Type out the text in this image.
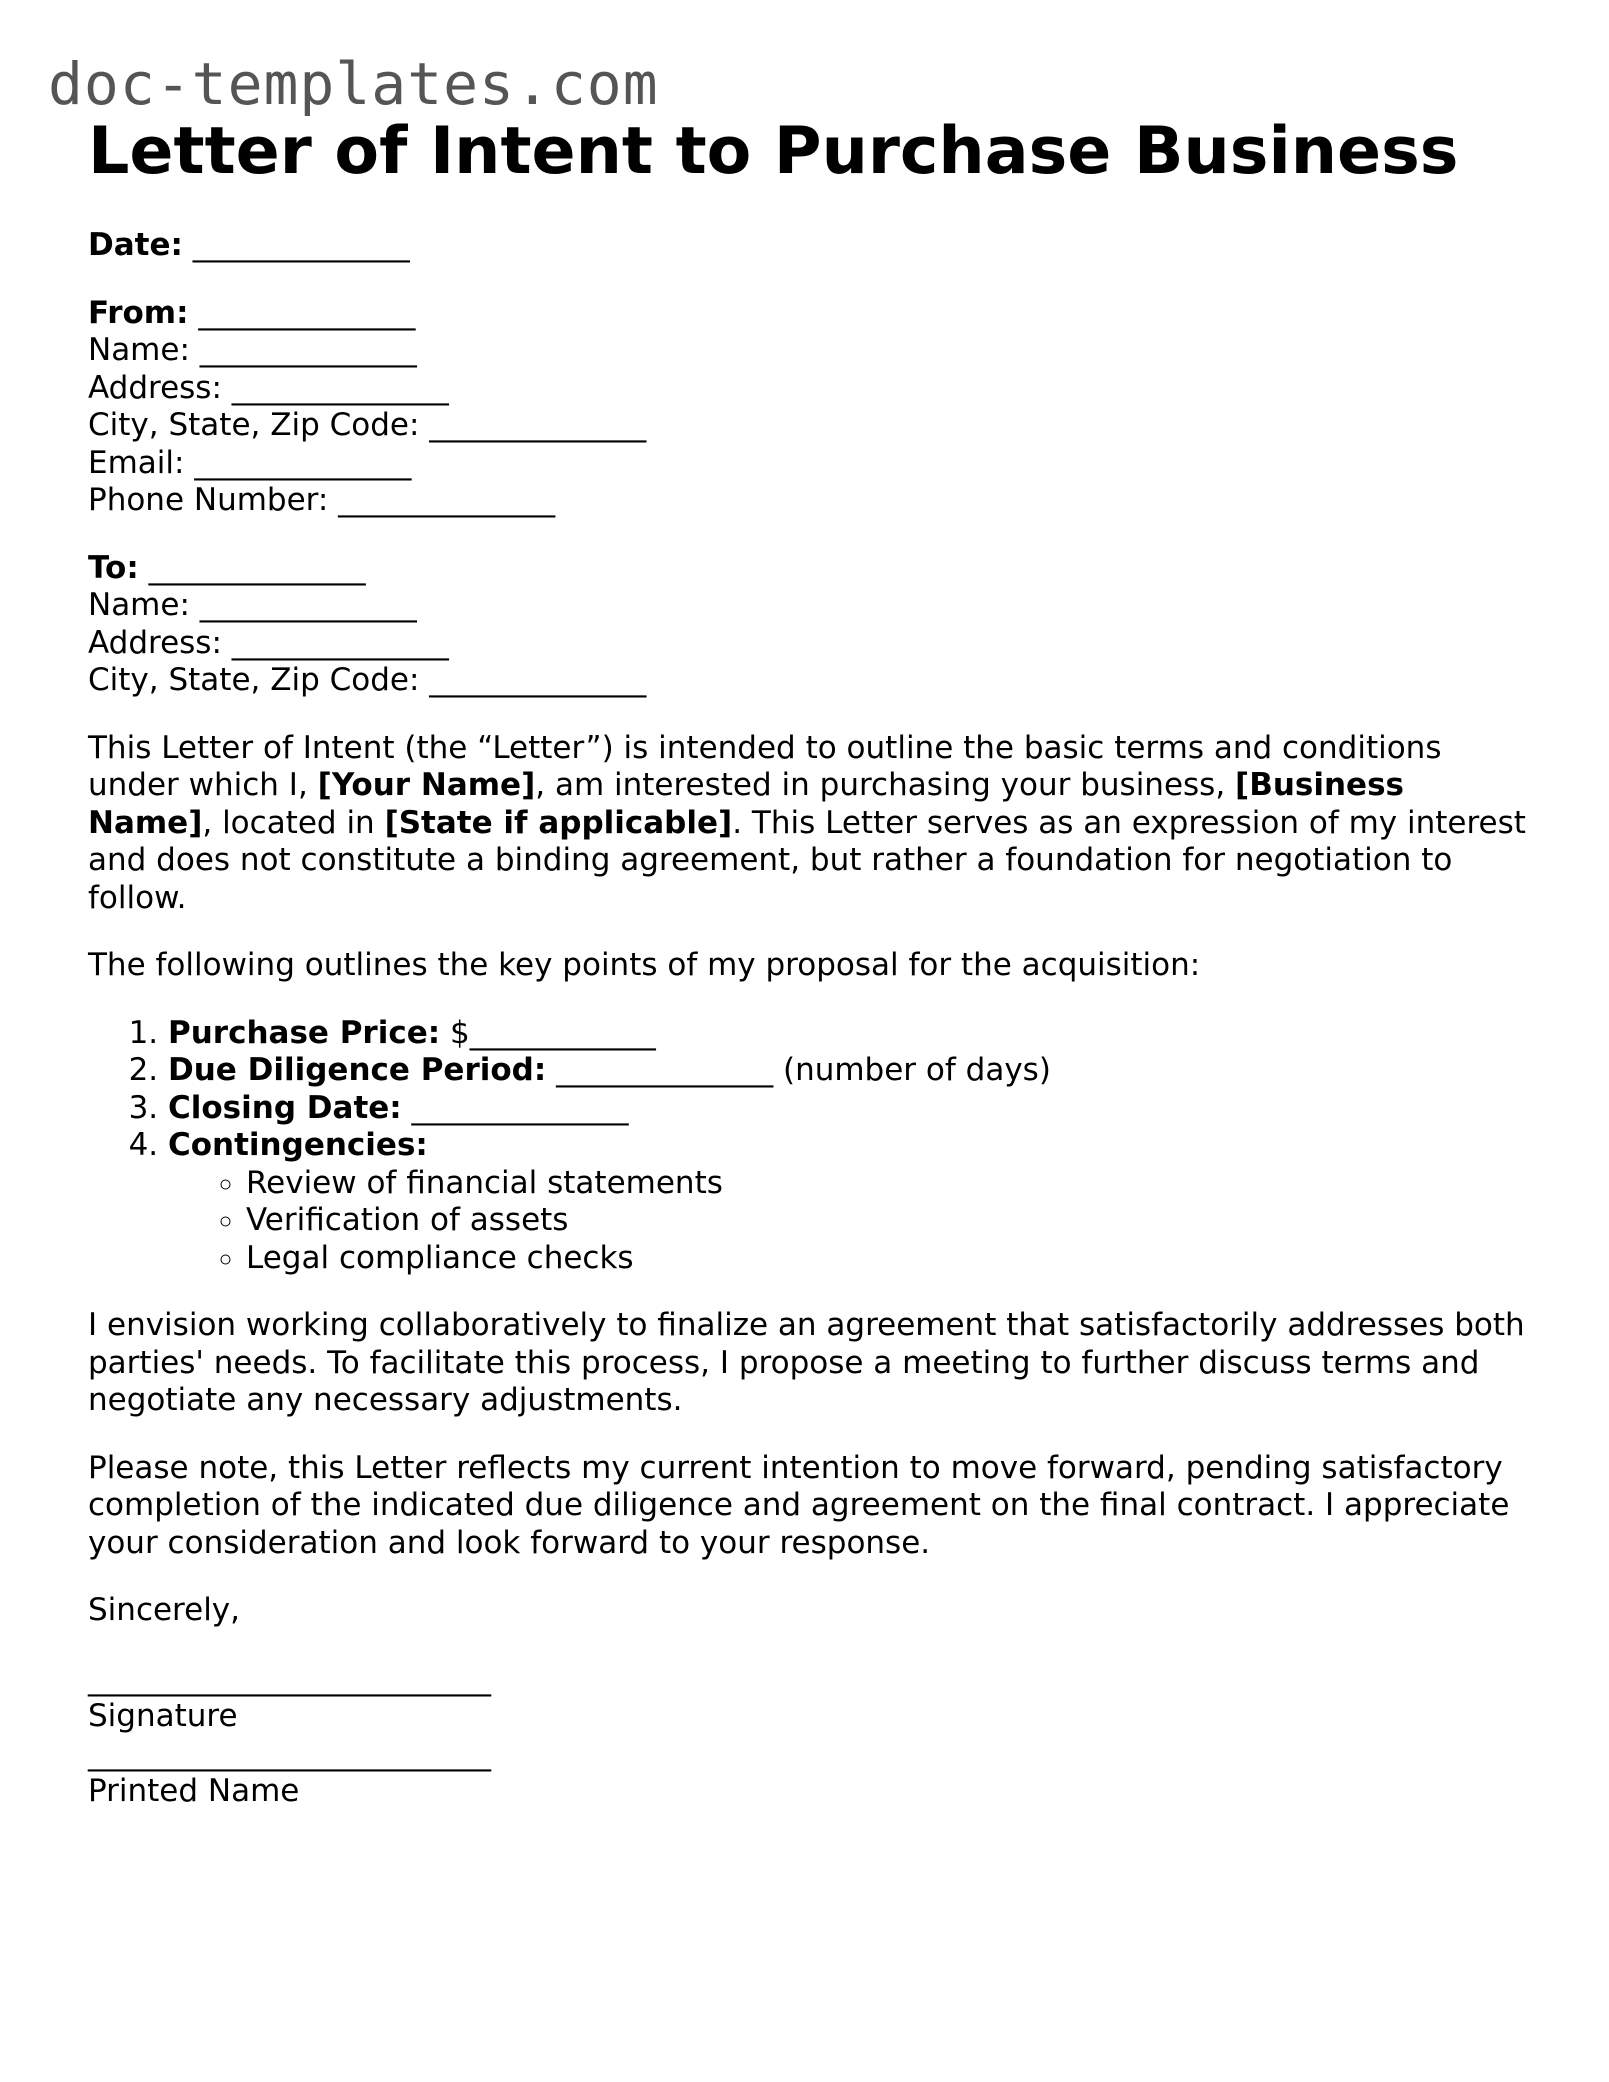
doc-templates.com
Letter of Intent to Purchase Business
Date: ______________
From: ______________
Name: ______________
Address: ______________
City, State, Zip Code: ______________
Email: ______________
Phone Number: ______________
To: ______________
Name: ______________
Address: ______________
City, State, Zip Code: ______________

This Letter of Intent (the “Letter”) is intended to outline the basic terms and conditions under which I, [Your Name], am interested in purchasing your business, [Business Name], located in [State if applicable]. This Letter serves as an expression of my interest and does not constitute a binding agreement, but rather a foundation for negotiation to follow.

The following outlines the key points of my proposal for the acquisition:

1. Purchase Price: $____________
2. Due Diligence Period: ______________ (number of days)
3. Closing Date: ______________
4. Contingencies:
◦ Review of financial statements
◦ Verification of assets
◦ Legal compliance checks

I envision working collaboratively to finalize an agreement that satisfactorily addresses both parties' needs. To facilitate this process, I propose a meeting to further discuss terms and negotiate any necessary adjustments.

Please note, this Letter reflects my current intention to move forward, pending satisfactory completion of the indicated due diligence and agreement on the final contract. I appreciate your consideration and look forward to your response.

Sincerely,

__________________________
Signature
__________________________
Printed Name
